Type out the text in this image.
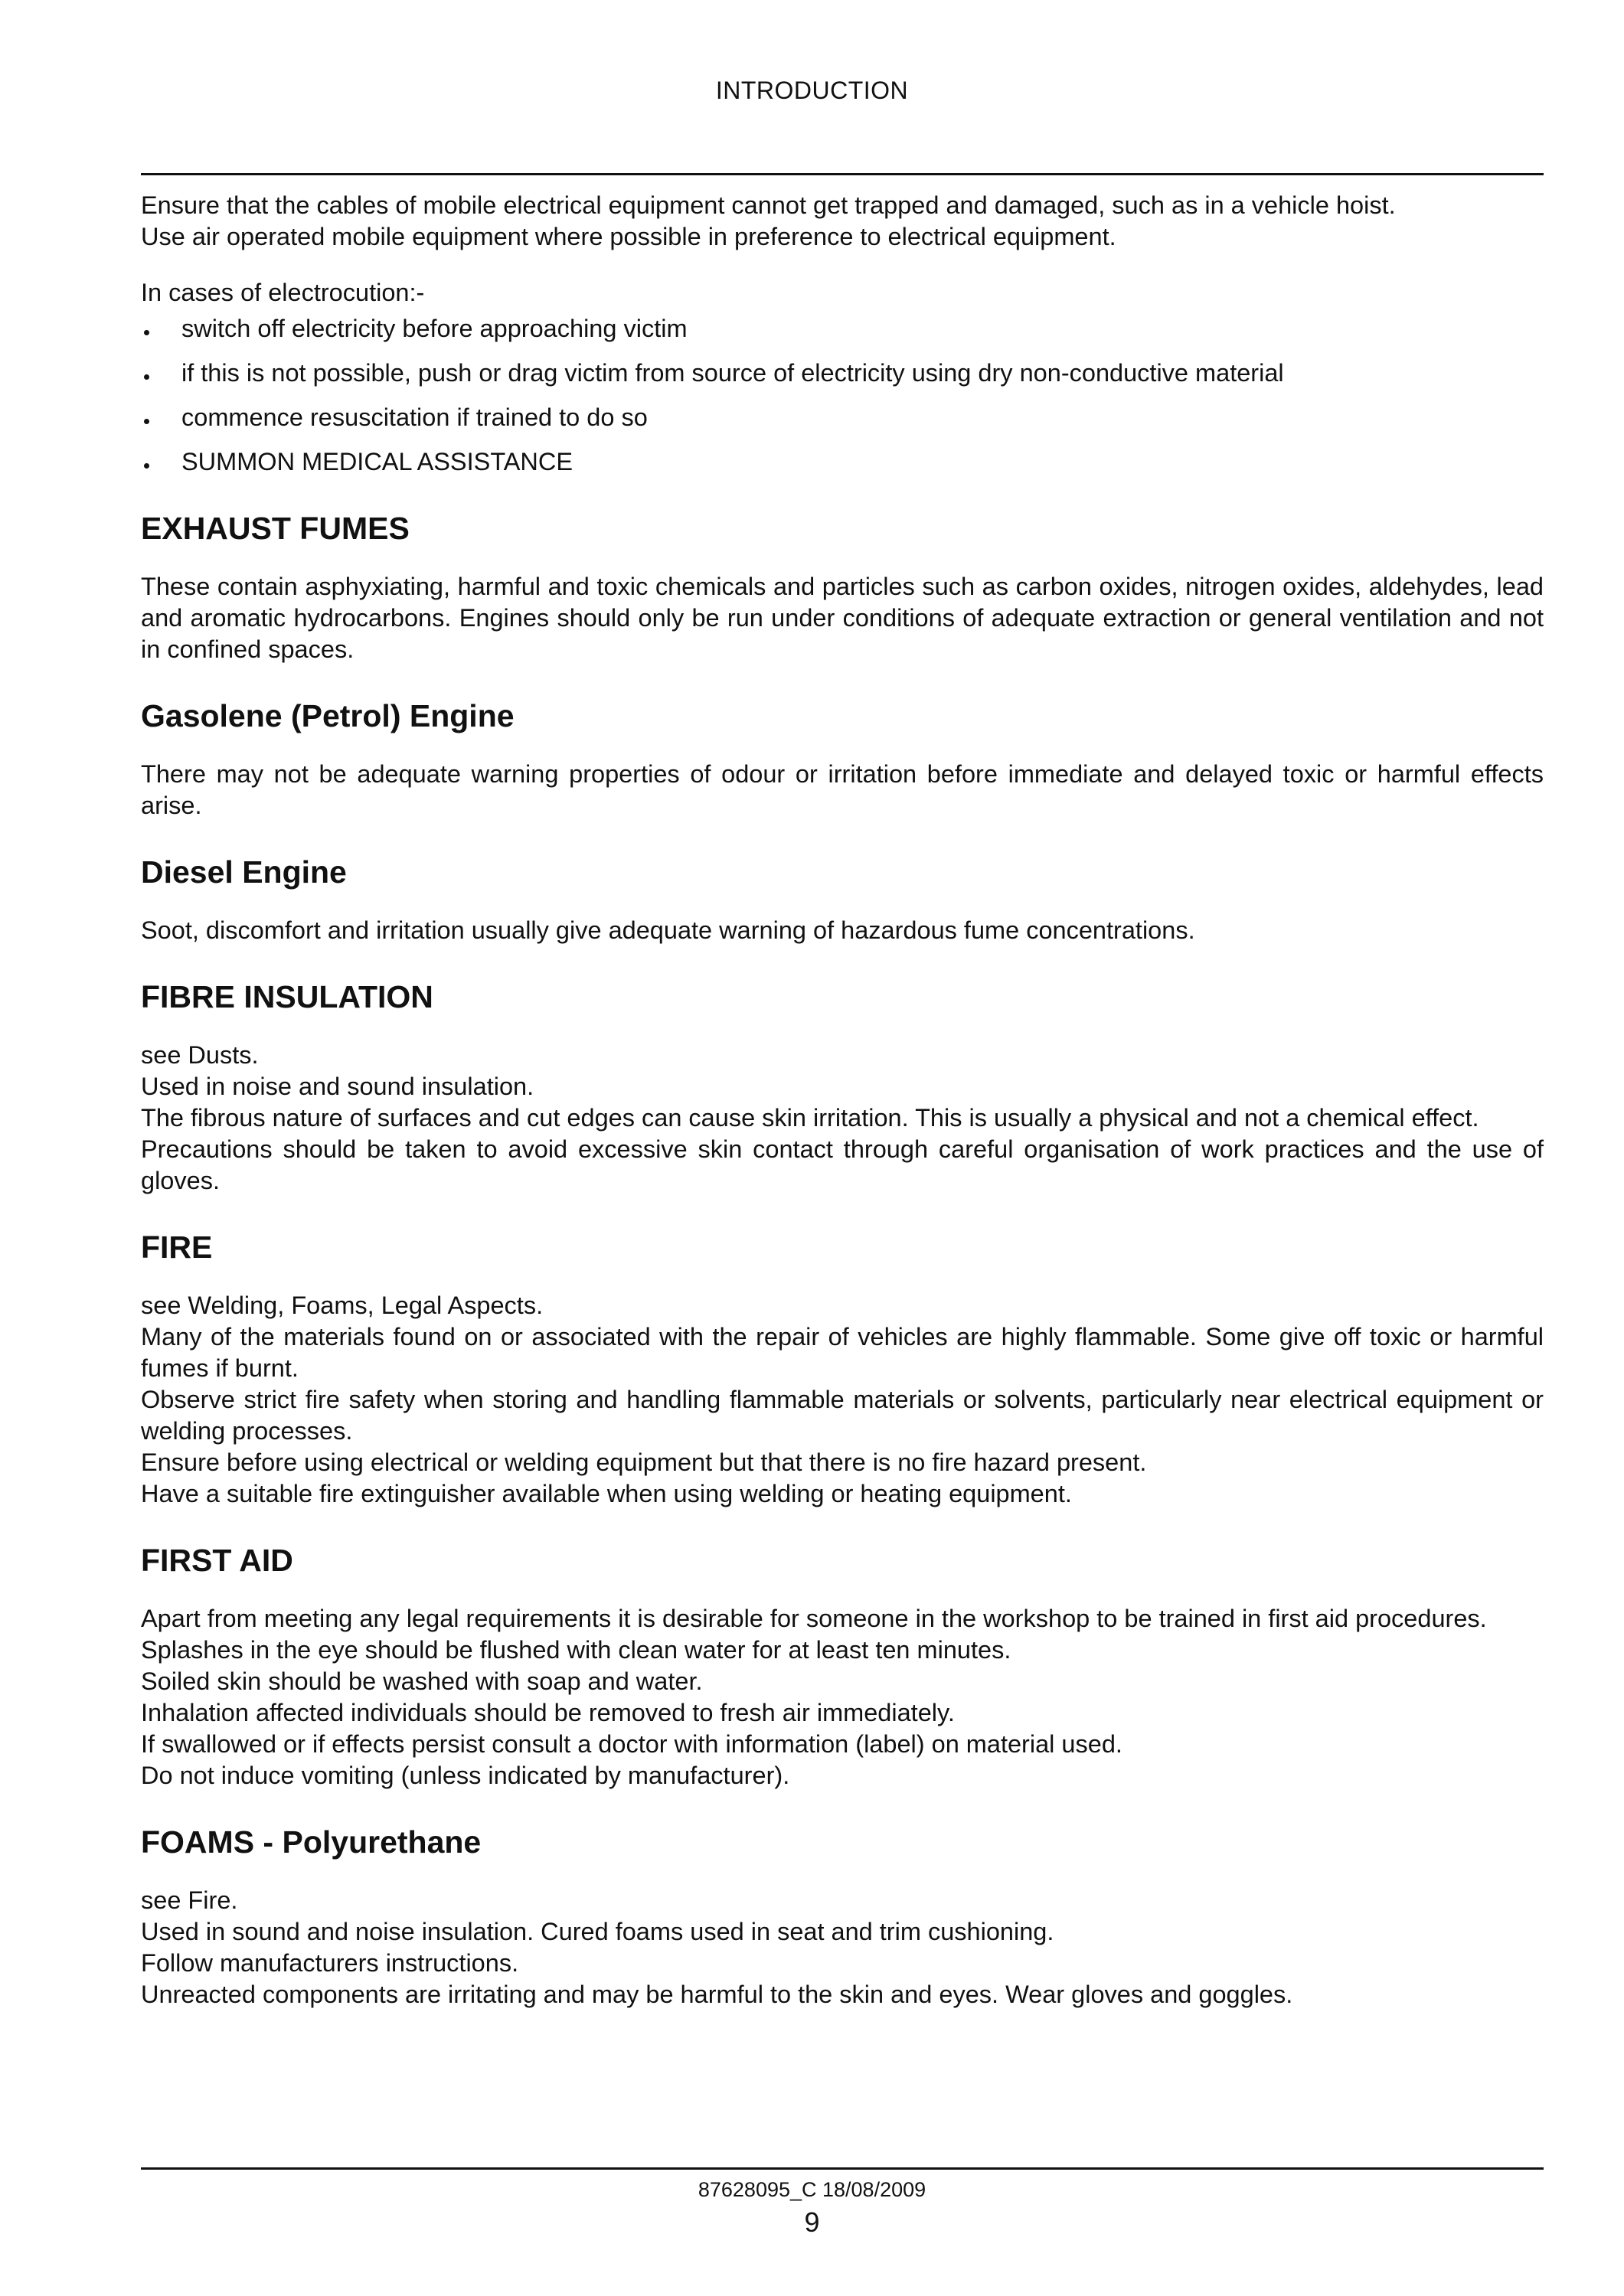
INTRODUCTION

Ensure that the cables of mobile electrical equipment cannot get trapped and damaged, such as in a vehicle hoist.

Use air operated mobile equipment where possible in preference to electrical equipment.

In cases of electrocution:-

switch off electricity before approaching victim
if this is not possible, push or drag victim from source of electricity using dry non-conductive material
commence resuscitation if trained to do so
SUMMON MEDICAL ASSISTANCE
EXHAUST FUMES

These contain asphyxiating, harmful and toxic chemicals and particles such as carbon oxides, nitrogen oxides, aldehydes, lead and aromatic hydrocarbons. Engines should only be run under conditions of adequate extraction or general ventilation and not in confined spaces.

Gasolene (Petrol) Engine

There may not be adequate warning properties of odour or irritation before immediate and delayed toxic or harmful effects arise.

Diesel Engine

Soot, discomfort and irritation usually give adequate warning of hazardous fume concentrations.

FIBRE INSULATION

see Dusts.

Used in noise and sound insulation.

The fibrous nature of surfaces and cut edges can cause skin irritation. This is usually a physical and not a chemical effect.

Precautions should be taken to avoid excessive skin contact through careful organisation of work practices and the use of gloves.

FIRE

see Welding, Foams, Legal Aspects.

Many of the materials found on or associated with the repair of vehicles are highly flammable. Some give off toxic or harmful fumes if burnt.

Observe strict fire safety when storing and handling flammable materials or solvents, particularly near electrical equipment or welding processes.

Ensure before using electrical or welding equipment but that there is no fire hazard present.

Have a suitable fire extinguisher available when using welding or heating equipment.

FIRST AID

Apart from meeting any legal requirements it is desirable for someone in the workshop to be trained in first aid procedures.

Splashes in the eye should be flushed with clean water for at least ten minutes.

Soiled skin should be washed with soap and water.

Inhalation affected individuals should be removed to fresh air immediately.

If swallowed or if effects persist consult a doctor with information (label) on material used.

Do not induce vomiting (unless indicated by manufacturer).

FOAMS - Polyurethane

see Fire.

Used in sound and noise insulation. Cured foams used in seat and trim cushioning.

Follow manufacturers instructions.

Unreacted components are irritating and may be harmful to the skin and eyes. Wear gloves and goggles.

87628095_C 18/08/2009
9
